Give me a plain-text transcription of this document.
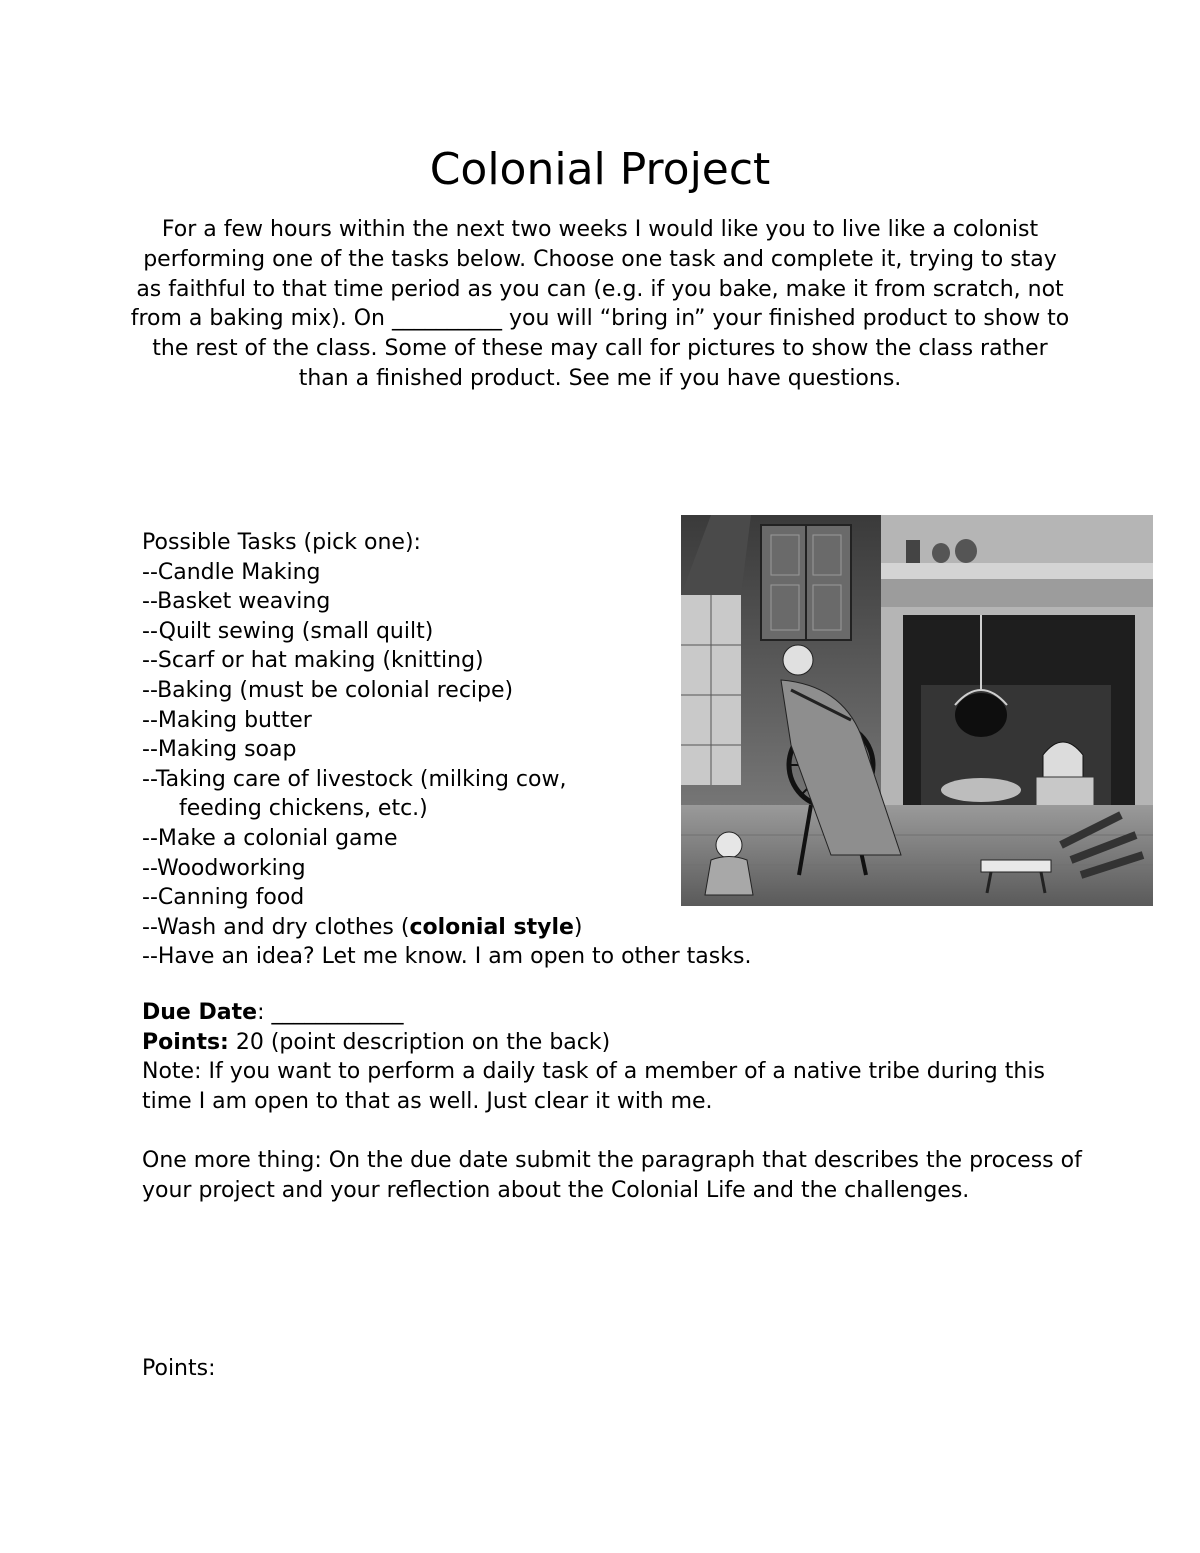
Colonial Project

For a few hours within the next two weeks I would like you to live like a colonist performing one of the tasks below. Choose one task and complete it, trying to stay as faithful to that time period as you can (e.g. if you bake, make it from scratch, not from a baking mix). On __________ you will “bring in” your finished product to show to the rest of the class. Some of these may call for pictures to show the class rather than a finished product. See me if you have questions.

Possible Tasks (pick one):
--Candle Making
--Basket weaving
--Quilt sewing (small quilt)
--Scarf or hat making (knitting)
--Baking (must be colonial recipe)
--Making butter
--Making soap
--Taking care of livestock (milking cow,
feeding chickens, etc.)
--Make a colonial game
--Woodworking
--Canning food
--Wash and dry clothes (colonial style)
--Have an idea? Let me know. I am open to other tasks.

Due Date: ____________

Points: 20 (point description on the back)

Note: If you want to perform a daily task of a member of a native tribe during this time I am open to that as well. Just clear it with me.

One more thing: On the due date submit the paragraph that describes the process of your project and your reflection about the Colonial Life and the challenges.

Points:
